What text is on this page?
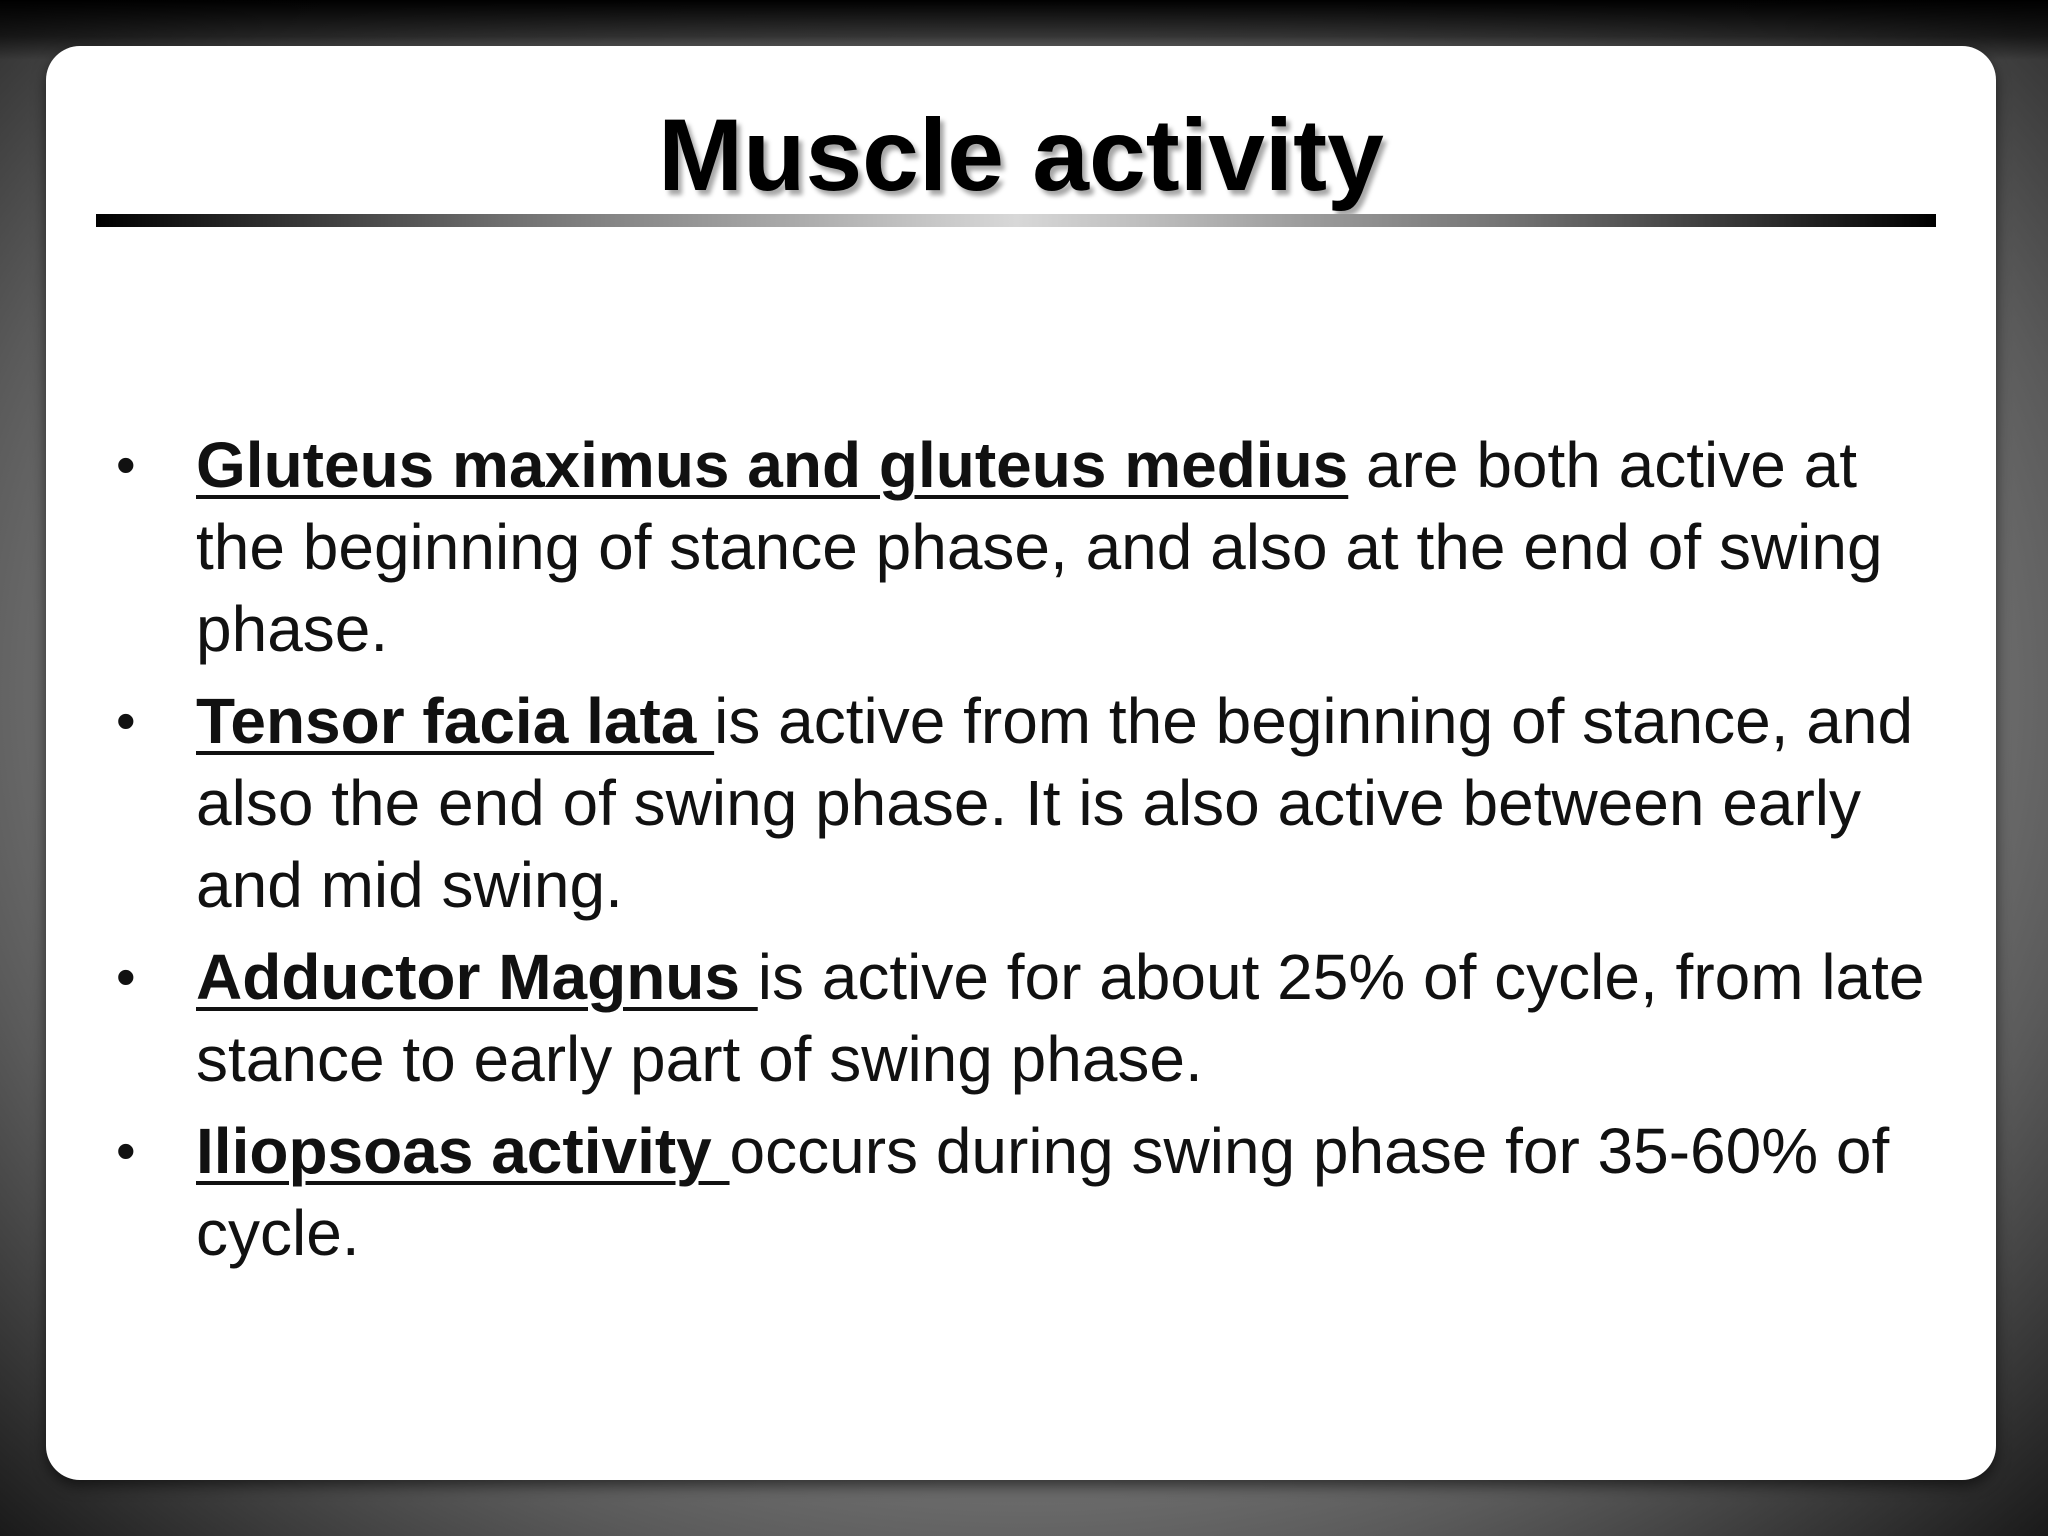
Muscle activity
• Gluteus maximus and gluteus medius are both active at the beginning of stance phase, and also at the end of swing phase.
• Tensor facia lata is active from the beginning of stance, and also the end of swing phase. It is also active between early and mid swing.
• Adductor Magnus is active for about 25% of cycle, from late stance to early part of swing phase.
• Iliopsoas activity occurs during swing phase for 35-60% of cycle.
